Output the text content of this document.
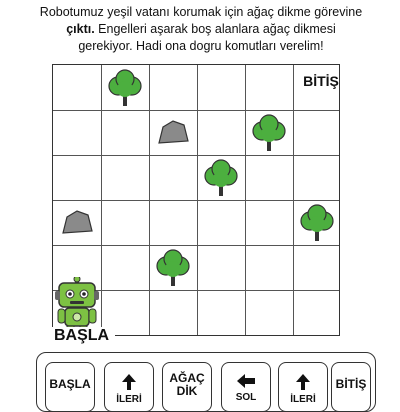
Robotumuz yeşil vatanı korumak için ağaç dikme görevine
çıktı. Engelleri aşarak boş alanlara ağaç dikmesi
gerekiyor. Hadi ona dogru komutları verelim!
BİTİŞ
BAŞLA
BAŞLA
İLERİ
AĞAÇ DİK	SOL	İLERİ
BİTİŞ
